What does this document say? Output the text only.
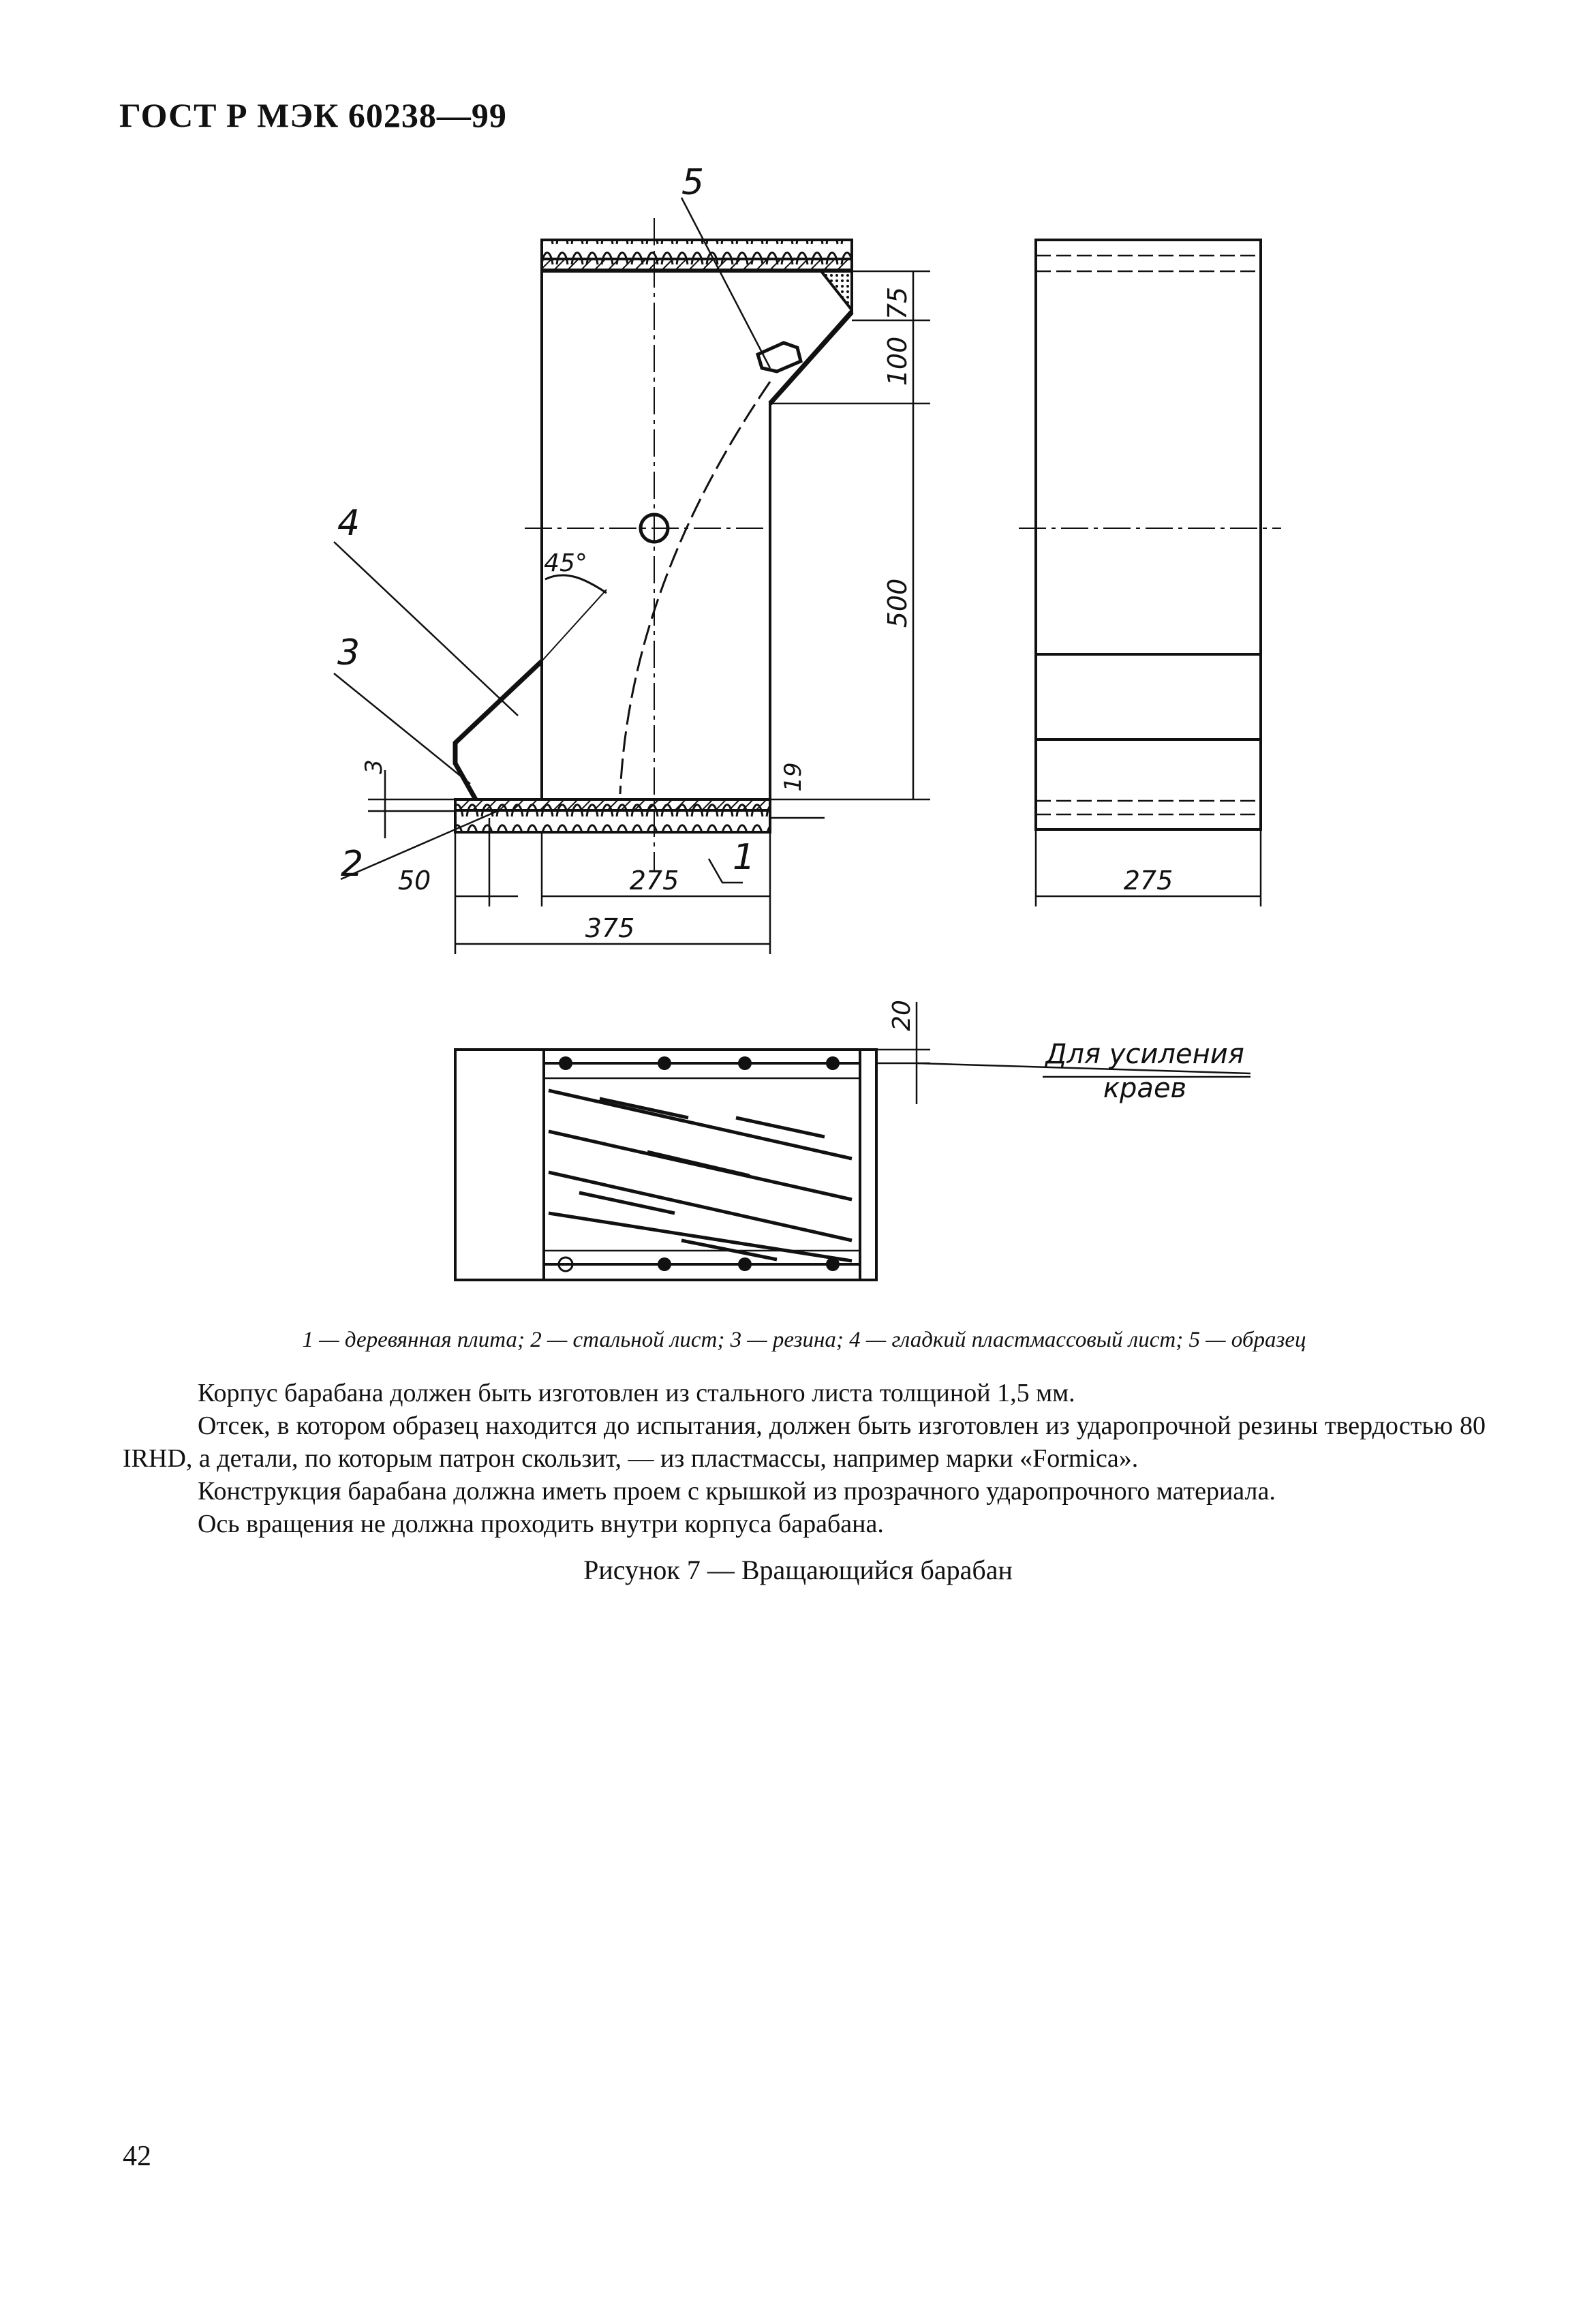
ГОСТ Р МЭК 60238—99
75
100
500
19
3
50	275
375
45°
1
2
3
4
5
275
20
Для усиления
краев
1 — деревянная плита; 2 — стальной лист; 3 — резина; 4 — гладкий пластмассовый лист; 5 — образец

Корпус барабана должен быть изготовлен из стального листа толщиной 1,5 мм.

Отсек, в котором образец находится до испытания, должен быть изготовлен из ударопрочной резины твердостью 80 IRHD, а детали, по которым патрон скользит, — из пластмассы, например марки «Formica».

Конструкция барабана должна иметь проем с крышкой из прозрачного ударопрочного материала.

Ось вращения не должна проходить внутри корпуса барабана.

Рисунок 7 — Вращающийся барабан
42
